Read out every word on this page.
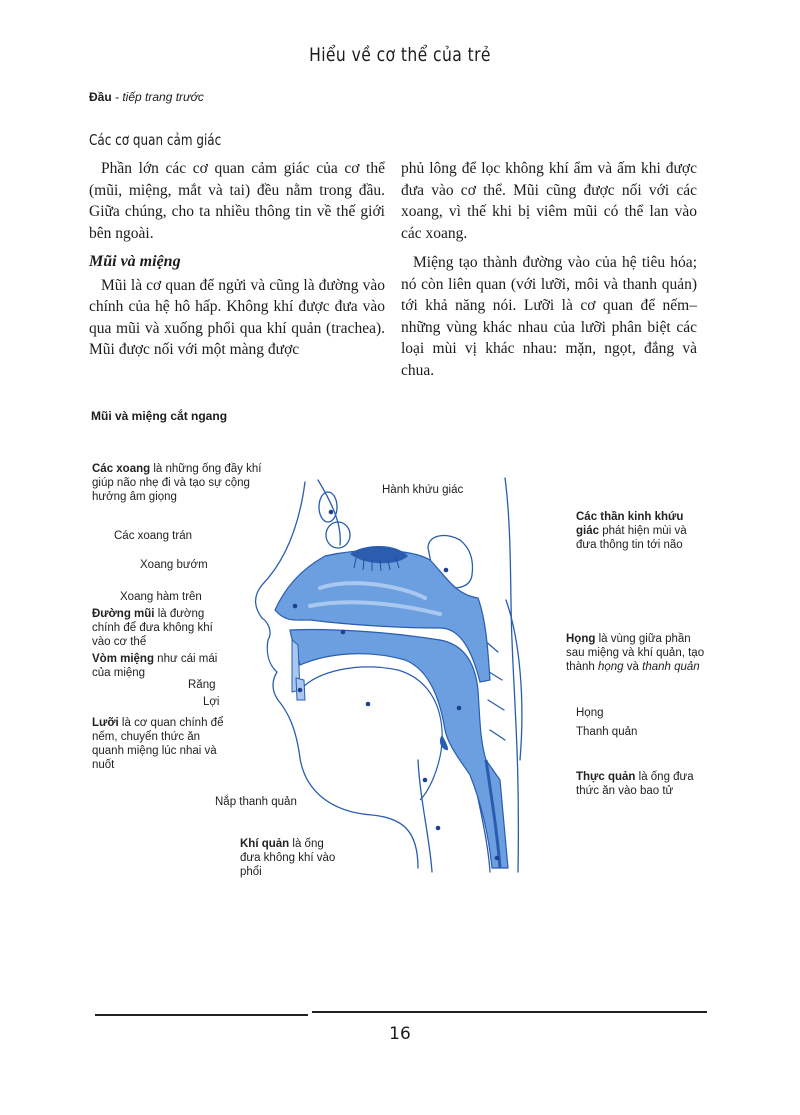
Hiểu về cơ thể của trẻ
Đầu - tiếp trang trước
Các cơ quan cảm giác

Phần lớn các cơ quan cảm giác của cơ thể (mũi, miệng, mắt và tai) đều nằm trong đầu. Giữa chúng, cho ta nhiều thông tin về thế giới bên ngoài.

Mũi và miệng

Mũi là cơ quan để ngửi và cũng là đường vào chính của hệ hô hấp. Không khí được đưa vào qua mũi và xuống phổi qua khí quản (trachea). Mũi được nối với một màng được

phủ lông để lọc không khí ẩm và ấm khi được đưa vào cơ thể. Mũi cũng được nối với các xoang, vì thế khi bị viêm mũi có thể lan vào các xoang.

Miệng tạo thành đường vào của hệ tiêu hóa; nó còn liên quan (với lưỡi, môi và thanh quản) tới khả năng nói. Lưỡi là cơ quan để nếm–những vùng khác nhau của lưỡi phân biệt các loại mùi vị khác nhau: mặn, ngọt, đắng và chua.

Mũi và miệng cắt ngang
Các xoang là những ống đầy khí giúp não nhẹ đi và tạo sự cộng hưởng âm giọng
Các xoang trán
Xoang bướm
Xoang hàm trên
Đường mũi là đường chính để đưa không khí vào cơ thể
Vòm miệng như cái mái của miệng
Răng
Lợi
Lưỡi là cơ quan chính để nếm, chuyển thức ăn quanh miệng lúc nhai và nuốt
Nắp thanh quản
Khí quản là ống đưa không khí vào phổi
Hành khứu giác
Các thần kinh khứu giác phát hiện mùi và đưa thông tin tới não
Họng là vùng giữa phần sau miệng và khí quản, tạo thành họng và thanh quản
Họng
Thanh quản
Thực quản là ống đưa thức ăn vào bao tử
16
